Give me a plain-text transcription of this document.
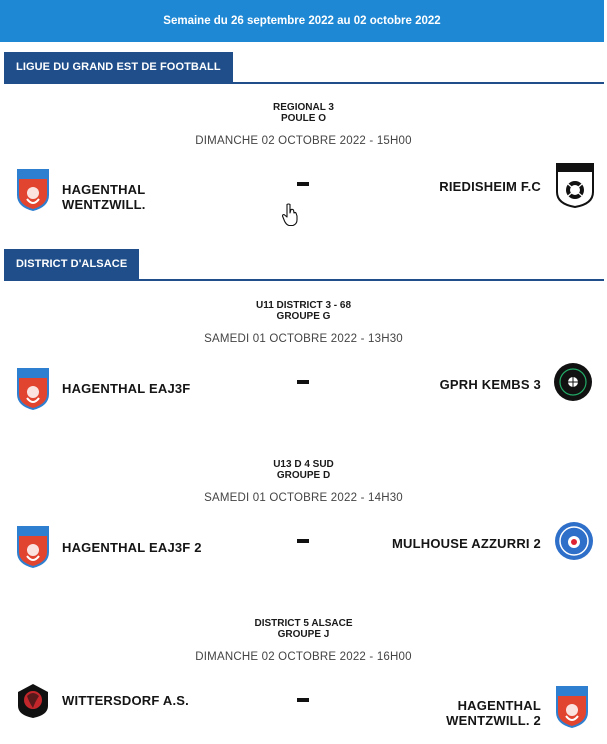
Semaine du 26 septembre 2022 au 02 octobre 2022
LIGUE DU GRAND EST DE FOOTBALL
REGIONAL 3
POULE O
DIMANCHE 02 OCTOBRE 2022 - 15H00
HAGENTHAL
WENTZWILL.
RIEDISHEIM F.C
DISTRICT D'ALSACE
U11 DISTRICT 3 - 68
GROUPE G
SAMEDI 01 OCTOBRE 2022 - 13H30
HAGENTHAL EAJ3F	GPRH KEMBS 3
U13 D 4 SUD
GROUPE D
SAMEDI 01 OCTOBRE 2022 - 14H30
HAGENTHAL EAJ3F 2	MULHOUSE AZZURRI 2
DISTRICT 5 ALSACE
GROUPE J
DIMANCHE 02 OCTOBRE 2022 - 16H00
WITTERSDORF A.S.	HAGENTHAL
WENTZWILL. 2
